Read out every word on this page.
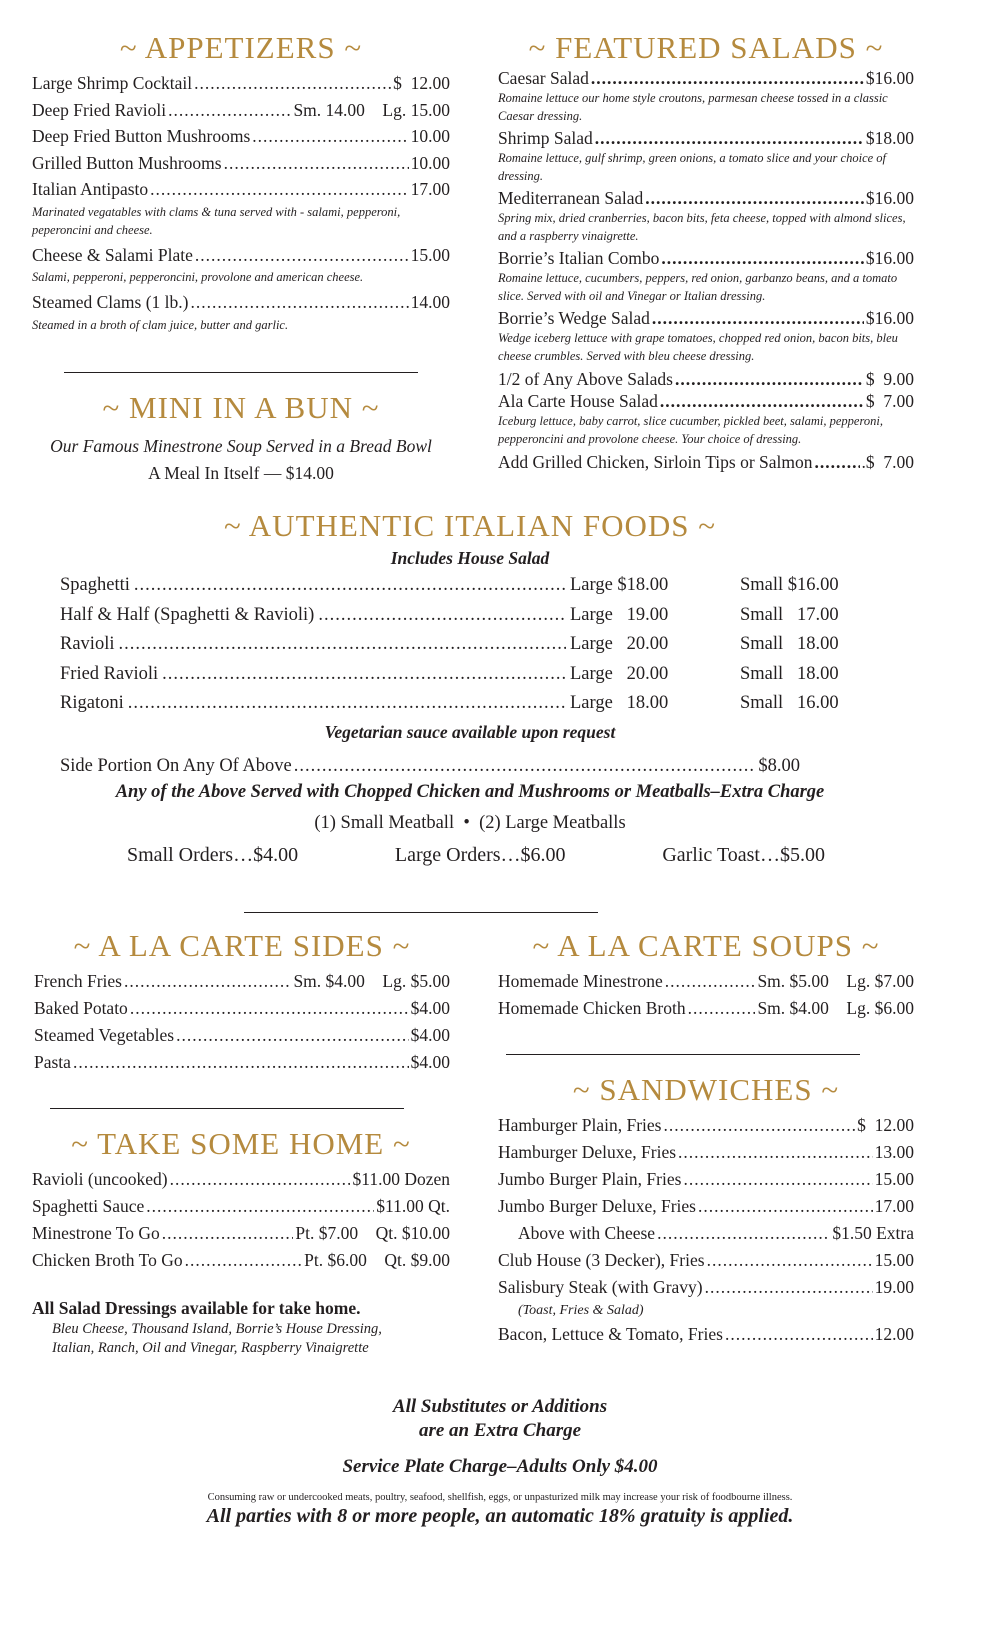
~ APPETIZERS ~
Large Shrimp Cocktail .....	$  12.00
Deep Fried Ravioli .....	Sm. 14.00    Lg. 15.00
Deep Fried Button Mushrooms .....	10.00
Grilled Button Mushrooms .....	10.00
Italian Antipasto .....	17.00
Marinated vegatables with clams & tuna served with - salami, pepperoni, peperoncini and cheese.
Cheese & Salami Plate .....	15.00
Salami, pepperoni, pepperoncini, provolone and american cheese.
Steamed Clams (1 lb.) .....	14.00
Steamed in a broth of clam juice, butter and garlic.
~ MINI IN A BUN ~
Our Famous Minestrone Soup Served in a Bread Bowl
A Meal In Itself — $14.00
~ FEATURED SALADS ~
Caesar Salad .....	$16.00
Romaine lettuce our home style croutons, parmesan cheese tossed in a classic Caesar dressing.
Shrimp Salad .....	$18.00
Romaine lettuce, gulf shrimp, green onions, a tomato slice and your choice of dressing.
Mediterranean Salad .....	$16.00
Spring mix, dried cranberries, bacon bits, feta cheese, topped with almond slices, and a raspberry vinaigrette.
Borrie’s Italian Combo .....	$16.00
Romaine lettuce, cucumbers, peppers, red onion, garbanzo beans, and a tomato slice. Served with oil and Vinegar or Italian dressing.
Borrie’s Wedge Salad .....	$16.00
Wedge iceberg lettuce with grape tomatoes, chopped red onion, bacon bits, bleu cheese crumbles. Served with bleu cheese dressing.
1/2 of Any Above Salads .....	$  9.00
Ala Carte House Salad .....	$  7.00
Iceburg lettuce, baby carrot, slice cucumber, pickled beet, salami, pepperoni, pepperoncini and provolone cheese. Your choice of dressing.
Add Grilled Chicken, Sirloin Tips or Salmon .....	.$  7.00
~ AUTHENTIC ITALIAN FOODS ~
Includes House Salad
Spaghetti .....	Large $18.00	Small $16.00
Half & Half (Spaghetti & Ravioli) .....	Large   19.00	Small   17.00
Ravioli .....	Large   20.00	Small   18.00
Fried Ravioli .....	Large   20.00	Small   18.00
Rigatoni .....	Large   18.00	Small   16.00
Vegetarian sauce available upon request
Side Portion On Any Of Above .....	$8.00
Any of the Above Served with Chopped Chicken and Mushrooms or Meatballs–Extra Charge
(1) Small Meatball  •  (2) Large Meatballs
Small Orders…$4.00	Large Orders…$6.00	Garlic Toast…$5.00
~ A LA CARTE SIDES ~
French Fries .....	Sm. $4.00    Lg. $5.00
Baked Potato .....	$4.00
Steamed Vegetables .....	$4.00
Pasta .....	$4.00
~ TAKE SOME HOME ~
Ravioli (uncooked) .....	$11.00 Dozen
Spaghetti Sauce .....	$11.00 Qt.
Minestrone To Go .....	Pt. $7.00    Qt. $10.00
Chicken Broth To Go .....	Pt. $6.00    Qt. $9.00
All Salad Dressings available for take home.
Bleu Cheese, Thousand Island, Borrie’s House Dressing,
Italian, Ranch, Oil and Vinegar, Raspberry Vinaigrette
~ A LA CARTE SOUPS ~
Homemade Minestrone .....	Sm. $5.00    Lg. $7.00
Homemade Chicken Broth .....	Sm. $4.00    Lg. $6.00
~ SANDWICHES ~
Hamburger Plain, Fries .....	$  12.00
Hamburger Deluxe, Fries .....	13.00
Jumbo Burger Plain, Fries .....	15.00
Jumbo Burger Deluxe, Fries .....	17.00
Above with Cheese .....	$1.50 Extra
Club House (3 Decker), Fries .....	15.00
Salisbury Steak (with Gravy) .....	19.00
(Toast, Fries & Salad)
Bacon, Lettuce & Tomato, Fries .....	12.00
All Substitutes or Additions
are an Extra Charge
Service Plate Charge–Adults Only $4.00
Consuming raw or undercooked meats, poultry, seafood, shellfish, eggs, or unpasturized milk may increase your risk of foodbourne illness.
All parties with 8 or more people, an automatic 18% gratuity is applied.
